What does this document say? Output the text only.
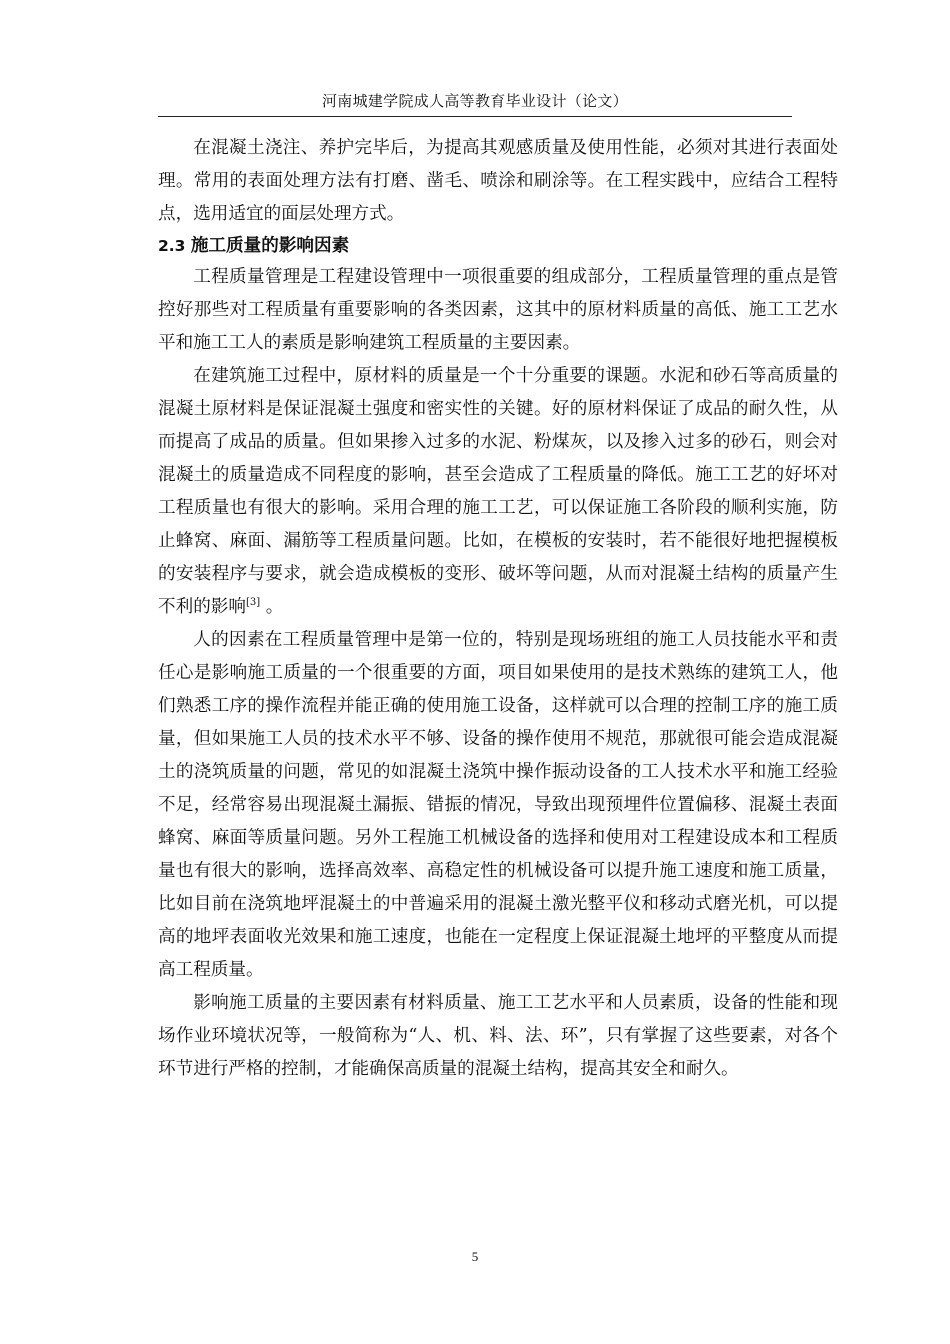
河南城建学院成人高等教育毕业设计（论文）

在混凝土浇注、养护完毕后，为提高其观感质量及使用性能，必须对其进行表面处理。常用的表面处理方法有打磨、凿毛、喷涂和刷涂等。在工程实践中，应结合工程特点，选用适宜的面层处理方式。

2.3 施工质量的影响因素

工程质量管理是工程建设管理中一项很重要的组成部分，工程质量管理的重点是管控好那些对工程质量有重要影响的各类因素，这其中的原材料质量的高低、施工工艺水平和施工工人的素质是影响建筑工程质量的主要因素。

在建筑施工过程中，原材料的质量是一个十分重要的课题。水泥和砂石等高质量的混凝土原材料是保证混凝土强度和密实性的关键。好的原材料保证了成品的耐久性，从而提高了成品的质量。但如果掺入过多的水泥、粉煤灰，以及掺入过多的砂石，则会对混凝土的质量造成不同程度的影响，甚至会造成了工程质量的降低。施工工艺的好坏对工程质量也有很大的影响。采用合理的施工工艺，可以保证施工各阶段的顺利实施，防止蜂窝、麻面、漏筋等工程质量问题。比如，在模板的安装时，若不能很好地把握模板的安装程序与要求，就会造成模板的变形、破坏等问题，从而对混凝土结构的质量产生不利的影响[3] 。

人的因素在工程质量管理中是第一位的，特别是现场班组的施工人员技能水平和责任心是影响施工质量的一个很重要的方面，项目如果使用的是技术熟练的建筑工人，他们熟悉工序的操作流程并能正确的使用施工设备，这样就可以合理的控制工序的施工质量，但如果施工人员的技术水平不够、设备的操作使用不规范，那就很可能会造成混凝土的浇筑质量的问题，常见的如混凝土浇筑中操作振动设备的工人技术水平和施工经验不足，经常容易出现混凝土漏振、错振的情况，导致出现预埋件位置偏移、混凝土表面蜂窝、麻面等质量问题。另外工程施工机械设备的选择和使用对工程建设成本和工程质量也有很大的影响，选择高效率、高稳定性的机械设备可以提升施工速度和施工质量，比如目前在浇筑地坪混凝土的中普遍采用的混凝土激光整平仪和移动式磨光机，可以提高的地坪表面收光效果和施工速度，也能在一定程度上保证混凝土地坪的平整度从而提高工程质量。

影响施工质量的主要因素有材料质量、施工工艺水平和人员素质，设备的性能和现场作业环境状况等，一般简称为“人、机、料、法、环”，只有掌握了这些要素，对各个环节进行严格的控制，才能确保高质量的混凝土结构，提高其安全和耐久。

5
